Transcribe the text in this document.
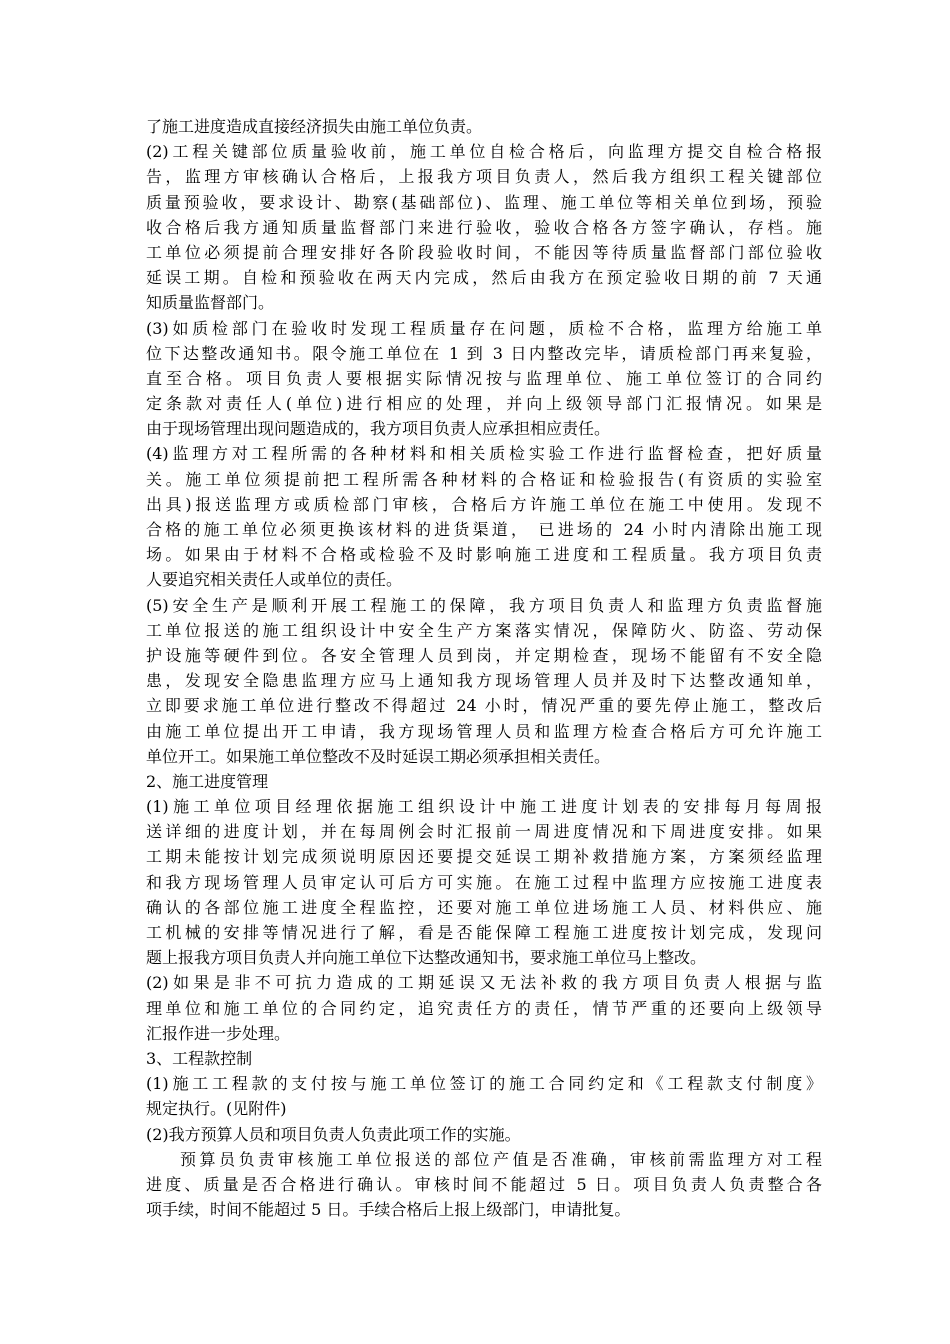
了施工进度造成直接经济损失由施工单位负责。
(2)工程关键部位质量验收前，施工单位自检合格后，向监理方提交自检合格报
告，监理方审核确认合格后，上报我方项目负责人，然后我方组织工程关键部位
质量预验收，要求设计、勘察(基础部位)、监理、施工单位等相关单位到场，预验
收合格后我方通知质量监督部门来进行验收，验收合格各方签字确认，存档。施
工单位必须提前合理安排好各阶段验收时间，不能因等待质量监督部门部位验收
延误工期。自检和预验收在两天内完成，然后由我方在预定验收日期的前 7 天通
知质量监督部门。
(3)如质检部门在验收时发现工程质量存在问题，质检不合格，监理方给施工单
位下达整改通知书。限令施工单位在 1 到 3 日内整改完毕，请质检部门再来复验，
直至合格。项目负责人要根据实际情况按与监理单位、施工单位签订的合同约
定条款对责任人(单位)进行相应的处理，并向上级领导部门汇报情况。如果是
由于现场管理出现问题造成的，我方项目负责人应承担相应责任。
(4)监理方对工程所需的各种材料和相关质检实验工作进行监督检查，把好质量
关。施工单位须提前把工程所需各种材料的合格证和检验报告(有资质的实验室
出具)报送监理方或质检部门审核，合格后方许施工单位在施工中使用。发现不
合格的施工单位必须更换该材料的进货渠道， 已进场的 24 小时内清除出施工现
场。如果由于材料不合格或检验不及时影响施工进度和工程质量。我方项目负责
人要追究相关责任人或单位的责任。
(5)安全生产是顺利开展工程施工的保障，我方项目负责人和监理方负责监督施
工单位报送的施工组织设计中安全生产方案落实情况，保障防火、防盗、劳动保
护设施等硬件到位。各安全管理人员到岗，并定期检查，现场不能留有不安全隐
患，发现安全隐患监理方应马上通知我方现场管理人员并及时下达整改通知单，
立即要求施工单位进行整改不得超过 24 小时，情况严重的要先停止施工，整改后
由施工单位提出开工申请，我方现场管理人员和监理方检查合格后方可允许施工
单位开工。如果施工单位整改不及时延误工期必须承担相关责任。
2、施工进度管理
(1)施工单位项目经理依据施工组织设计中施工进度计划表的安排每月每周报
送详细的进度计划，并在每周例会时汇报前一周进度情况和下周进度安排。如果
工期未能按计划完成须说明原因还要提交延误工期补救措施方案，方案须经监理
和我方现场管理人员审定认可后方可实施。在施工过程中监理方应按施工进度表
确认的各部位施工进度全程监控，还要对施工单位进场施工人员、材料供应、施
工机械的安排等情况进行了解，看是否能保障工程施工进度按计划完成，发现问
题上报我方项目负责人并向施工单位下达整改通知书，要求施工单位马上整改。
(2)如果是非不可抗力造成的工期延误又无法补救的我方项目负责人根据与监
理单位和施工单位的合同约定，追究责任方的责任，情节严重的还要向上级领导
汇报作进一步处理。
3、工程款控制
(1)施工工程款的支付按与施工单位签订的施工合同约定和《工程款支付制度》
规定执行。(见附件)
(2)我方预算人员和项目负责人负责此项工作的实施。
预算员负责审核施工单位报送的部位产值是否准确，审核前需监理方对工程
进度、质量是否合格进行确认。审核时间不能超过 5 日。项目负责人负责整合各
项手续，时间不能超过 5 日。手续合格后上报上级部门，申请批复。
